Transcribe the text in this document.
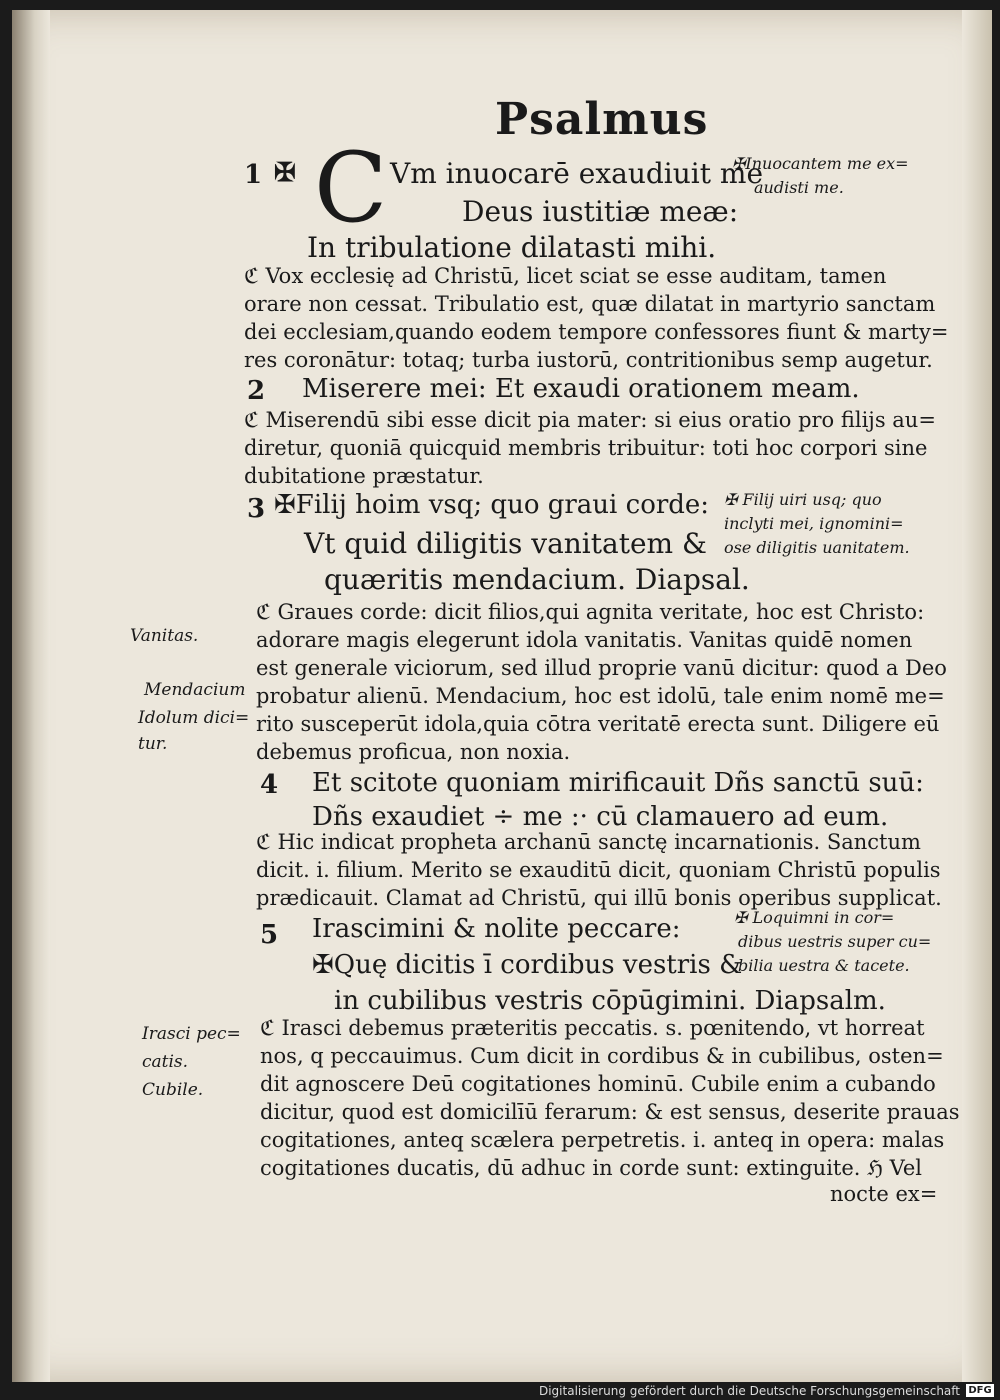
Psalmus
1 ✠ C Vm inuocarē exaudiuit me
Deus iustitiæ meæ:
In tribulatione dilatasti mihi.
✠Inuocantem me ex=
audisti me.
ℭ Vox ecclesię ad Christū, licet sciat se esse auditam, tamen
orare non cessat. Tribulatio est, quæ dilatat in martyrio sanctam
dei ecclesiam,quando eodem tempore confessores fiunt & marty=
res coronātur: totaq; turba iustorū, contritionibus semp augetur.
2 Miserere mei: Et exaudi orationem meam.
ℭ Miserendū sibi esse dicit pia mater: si eius oratio pro filijs au=
diretur, quoniā quicquid membris tribuitur: toti hoc corpori sine
dubitatione præstatur.
3 ✠Filij hoim vsq; quo graui corde:
Vt quid diligitis vanitatem &
quæritis mendacium. Diapsal.
✠ Filij uiri usq; quo
inclyti mei, ignomini=
ose diligitis uanitatem.
ℭ Graues corde: dicit filios,qui agnita veritate, hoc est Christo:
adorare magis elegerunt idola vanitatis. Vanitas quidē nomen
est generale viciorum, sed illud proprie vanū dicitur: quod a Deo
probatur alienū. Mendacium, hoc est idolū, tale enim nomē me=
rito susceperūt idola,quia cōtra veritatē erecta sunt. Diligere eū
debemus proficua, non noxia.
Vanitas.
Mendacium
Idolum dici=
tur.
4 Et scitote quoniam mirificauit Dñs sanctū suū:
Dñs exaudiet ÷ me :· cū clamauero ad eum.
ℭ Hic indicat propheta archanū sanctę incarnationis. Sanctum
dicit. i. filium. Merito se exauditū dicit, quoniam Christū populis
prædicauit. Clamat ad Christū, qui illū bonis operibus supplicat.
5 Irascimini & nolite peccare:
✠Quę dicitis ī cordibus vestris &
in cubilibus vestris cōpūgimini. Diapsalm.
✠ Loquimni in cor=
dibus uestris super cu=
bilia uestra & tacete.
ℭ Irasci debemus præteritis peccatis. s. pœnitendo, vt horreat
nos, q peccauimus. Cum dicit in cordibus & in cubilibus, osten=
dit agnoscere Deū cogitationes hominū. Cubile enim a cubando
dicitur, quod est domicilīū ferarum: & est sensus, deserite prauas
cogitationes, anteq scælera perpetretis. i. anteq in opera: malas
cogitationes ducatis, dū adhuc in corde sunt: extinguite. ℌ Vel
nocte ex=
Irasci pec=
catis.
Cubile.
Digitalisierung gefördert durch die Deutsche Forschungsgemeinschaft DFG
